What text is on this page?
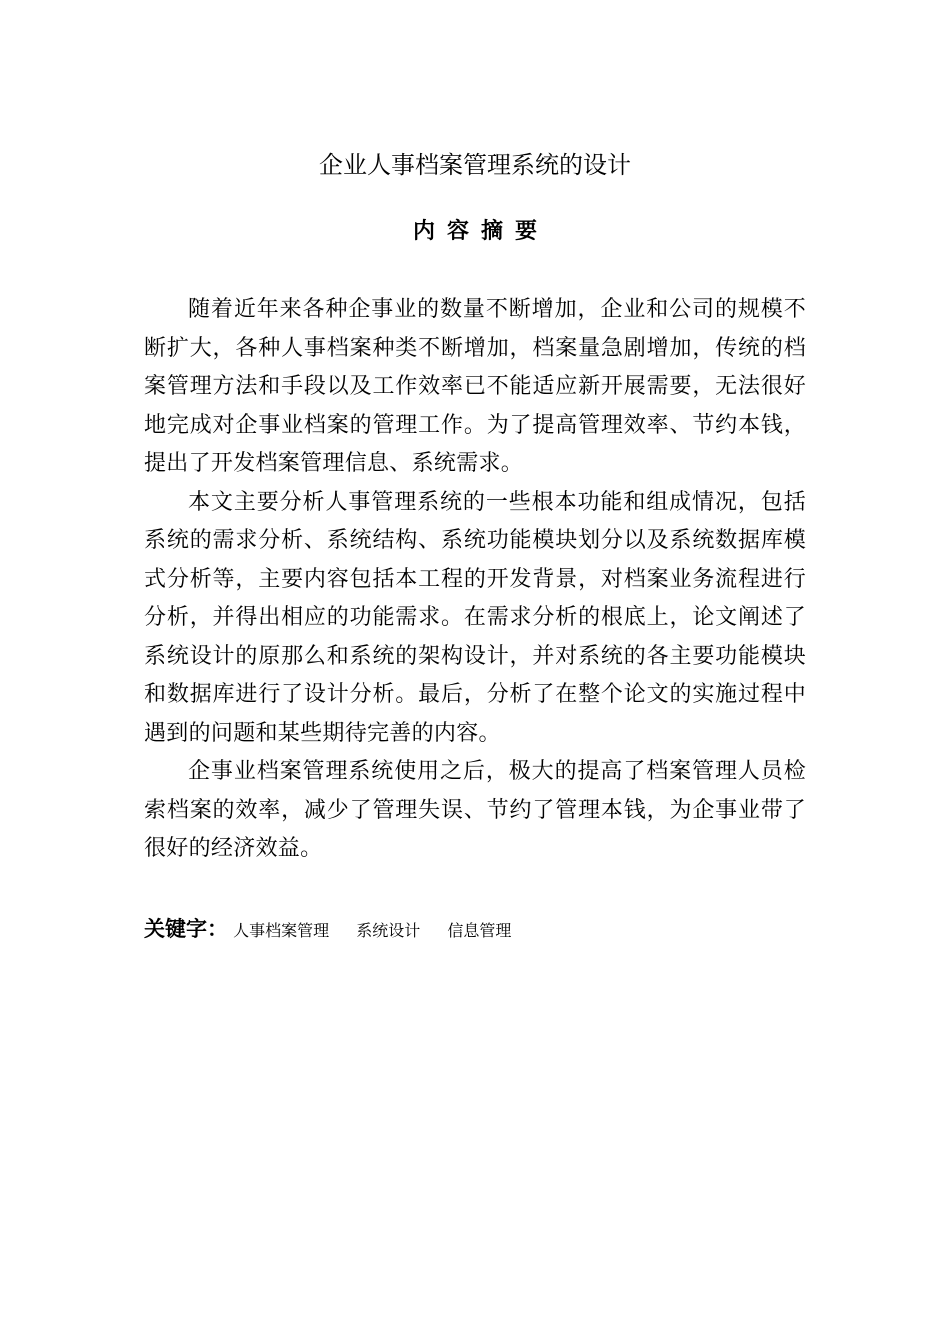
企业人事档案管理系统的设计
内容摘要

随着近年来各种企事业的数量不断增加，企业和公司的规模不断扩大，各种人事档案种类不断增加，档案量急剧增加，传统的档案管理方法和手段以及工作效率已不能适应新开展需要，无法很好地完成对企事业档案的管理工作。为了提高管理效率、节约本钱，提出了开发档案管理信息、系统需求。

本文主要分析人事管理系统的一些根本功能和组成情况，包括系统的需求分析、系统结构、系统功能模块划分以及系统数据库模式分析等，主要内容包括本工程的开发背景，对档案业务流程进行分析，并得出相应的功能需求。在需求分析的根底上，论文阐述了系统设计的原那么和系统的架构设计，并对系统的各主要功能模块和数据库进行了设计分析。最后，分析了在整个论文的实施过程中遇到的问题和某些期待完善的内容。

企事业档案管理系统使用之后，极大的提高了档案管理人员检索档案的效率，减少了管理失误、节约了管理本钱，为企事业带了很好的经济效益。

关键字： 人事档案管理 系统设计 信息管理
